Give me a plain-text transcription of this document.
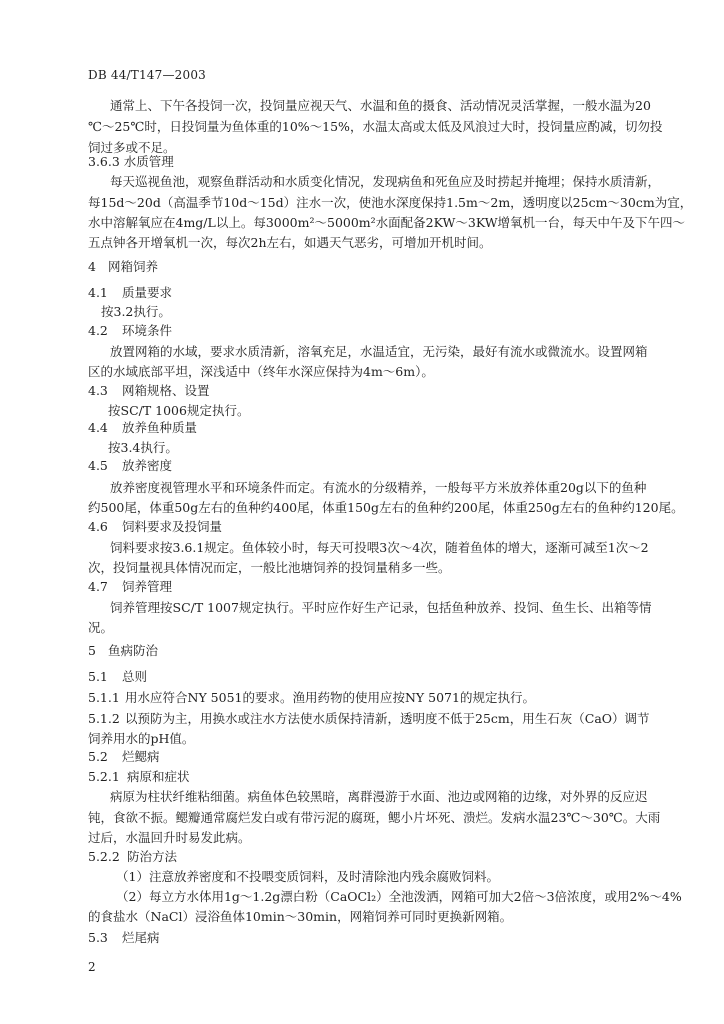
DB 44/T147—2003
通常上、下午各投饲一次，投饲量应视天气、水温和鱼的摄食、活动情况灵活掌握，一般水温为20
℃～25℃时，日投饲量为鱼体重的10%～15%，水温太高或太低及风浪过大时，投饲量应酌减，切勿投
饲过多或不足。
3.6.3 水质管理
每天巡视鱼池，观察鱼群活动和水质变化情况，发现病鱼和死鱼应及时捞起并掩埋；保持水质清新，
每15d～20d（高温季节10d～15d）注水一次，使池水深度保持1.5m～2m，透明度以25cm～30cm为宜，
水中溶解氧应在4mg/L以上。每3000m²～5000m²水面配备2KW～3KW增氧机一台，每天中午及下午四～
五点钟各开增氧机一次，每次2h左右，如遇天气恶劣，可增加开机时间。
4 网箱饲养
4.1 质量要求
按3.2执行。
4.2 环境条件
放置网箱的水域，要求水质清新，溶氧充足，水温适宜，无污染，最好有流水或微流水。设置网箱
区的水域底部平坦，深浅适中（终年水深应保持为4m～6m）。
4.3 网箱规格、设置
按SC/T 1006规定执行。
4.4 放养鱼种质量
按3.4执行。
4.5 放养密度
放养密度视管理水平和环境条件而定。有流水的分级精养，一般每平方米放养体重20g以下的鱼种
约500尾，体重50g左右的鱼种约400尾，体重150g左右的鱼种约200尾，体重250g左右的鱼种约120尾。
4.6 饲料要求及投饲量
饲料要求按3.6.1规定。鱼体较小时，每天可投喂3次～4次，随着鱼体的增大，逐渐可减至1次～2
次，投饲量视具体情况而定，一般比池塘饲养的投饲量稍多一些。
4.7 饲养管理
饲养管理按SC/T 1007规定执行。平时应作好生产记录，包括鱼种放养、投饲、鱼生长、出箱等情
况。
5 鱼病防治
5.1 总则
5.1.1 用水应符合NY 5051的要求。渔用药物的使用应按NY 5071的规定执行。
5.1.2 以预防为主，用换水或注水方法使水质保持清新，透明度不低于25cm，用生石灰（CaO）调节
饲养用水的pH值。
5.2 烂鳃病
5.2.1 病原和症状
病原为柱状纤维粘细菌。病鱼体色较黑暗，离群漫游于水面、池边或网箱的边缘，对外界的反应迟
钝，食欲不振。鳃瓣通常腐烂发白或有带污泥的腐斑，鳃小片坏死、溃烂。发病水温23℃～30℃。大雨
过后，水温回升时易发此病。
5.2.2 防治方法
（1）注意放养密度和不投喂变质饲料，及时清除池内残余腐败饲料。
（2）每立方水体用1g～1.2g漂白粉（CaOCl₂）全池泼洒，网箱可加大2倍～3倍浓度，或用2%～4%
的食盐水（NaCl）浸浴鱼体10min～30min，网箱饲养可同时更换新网箱。
5.3 烂尾病
2
